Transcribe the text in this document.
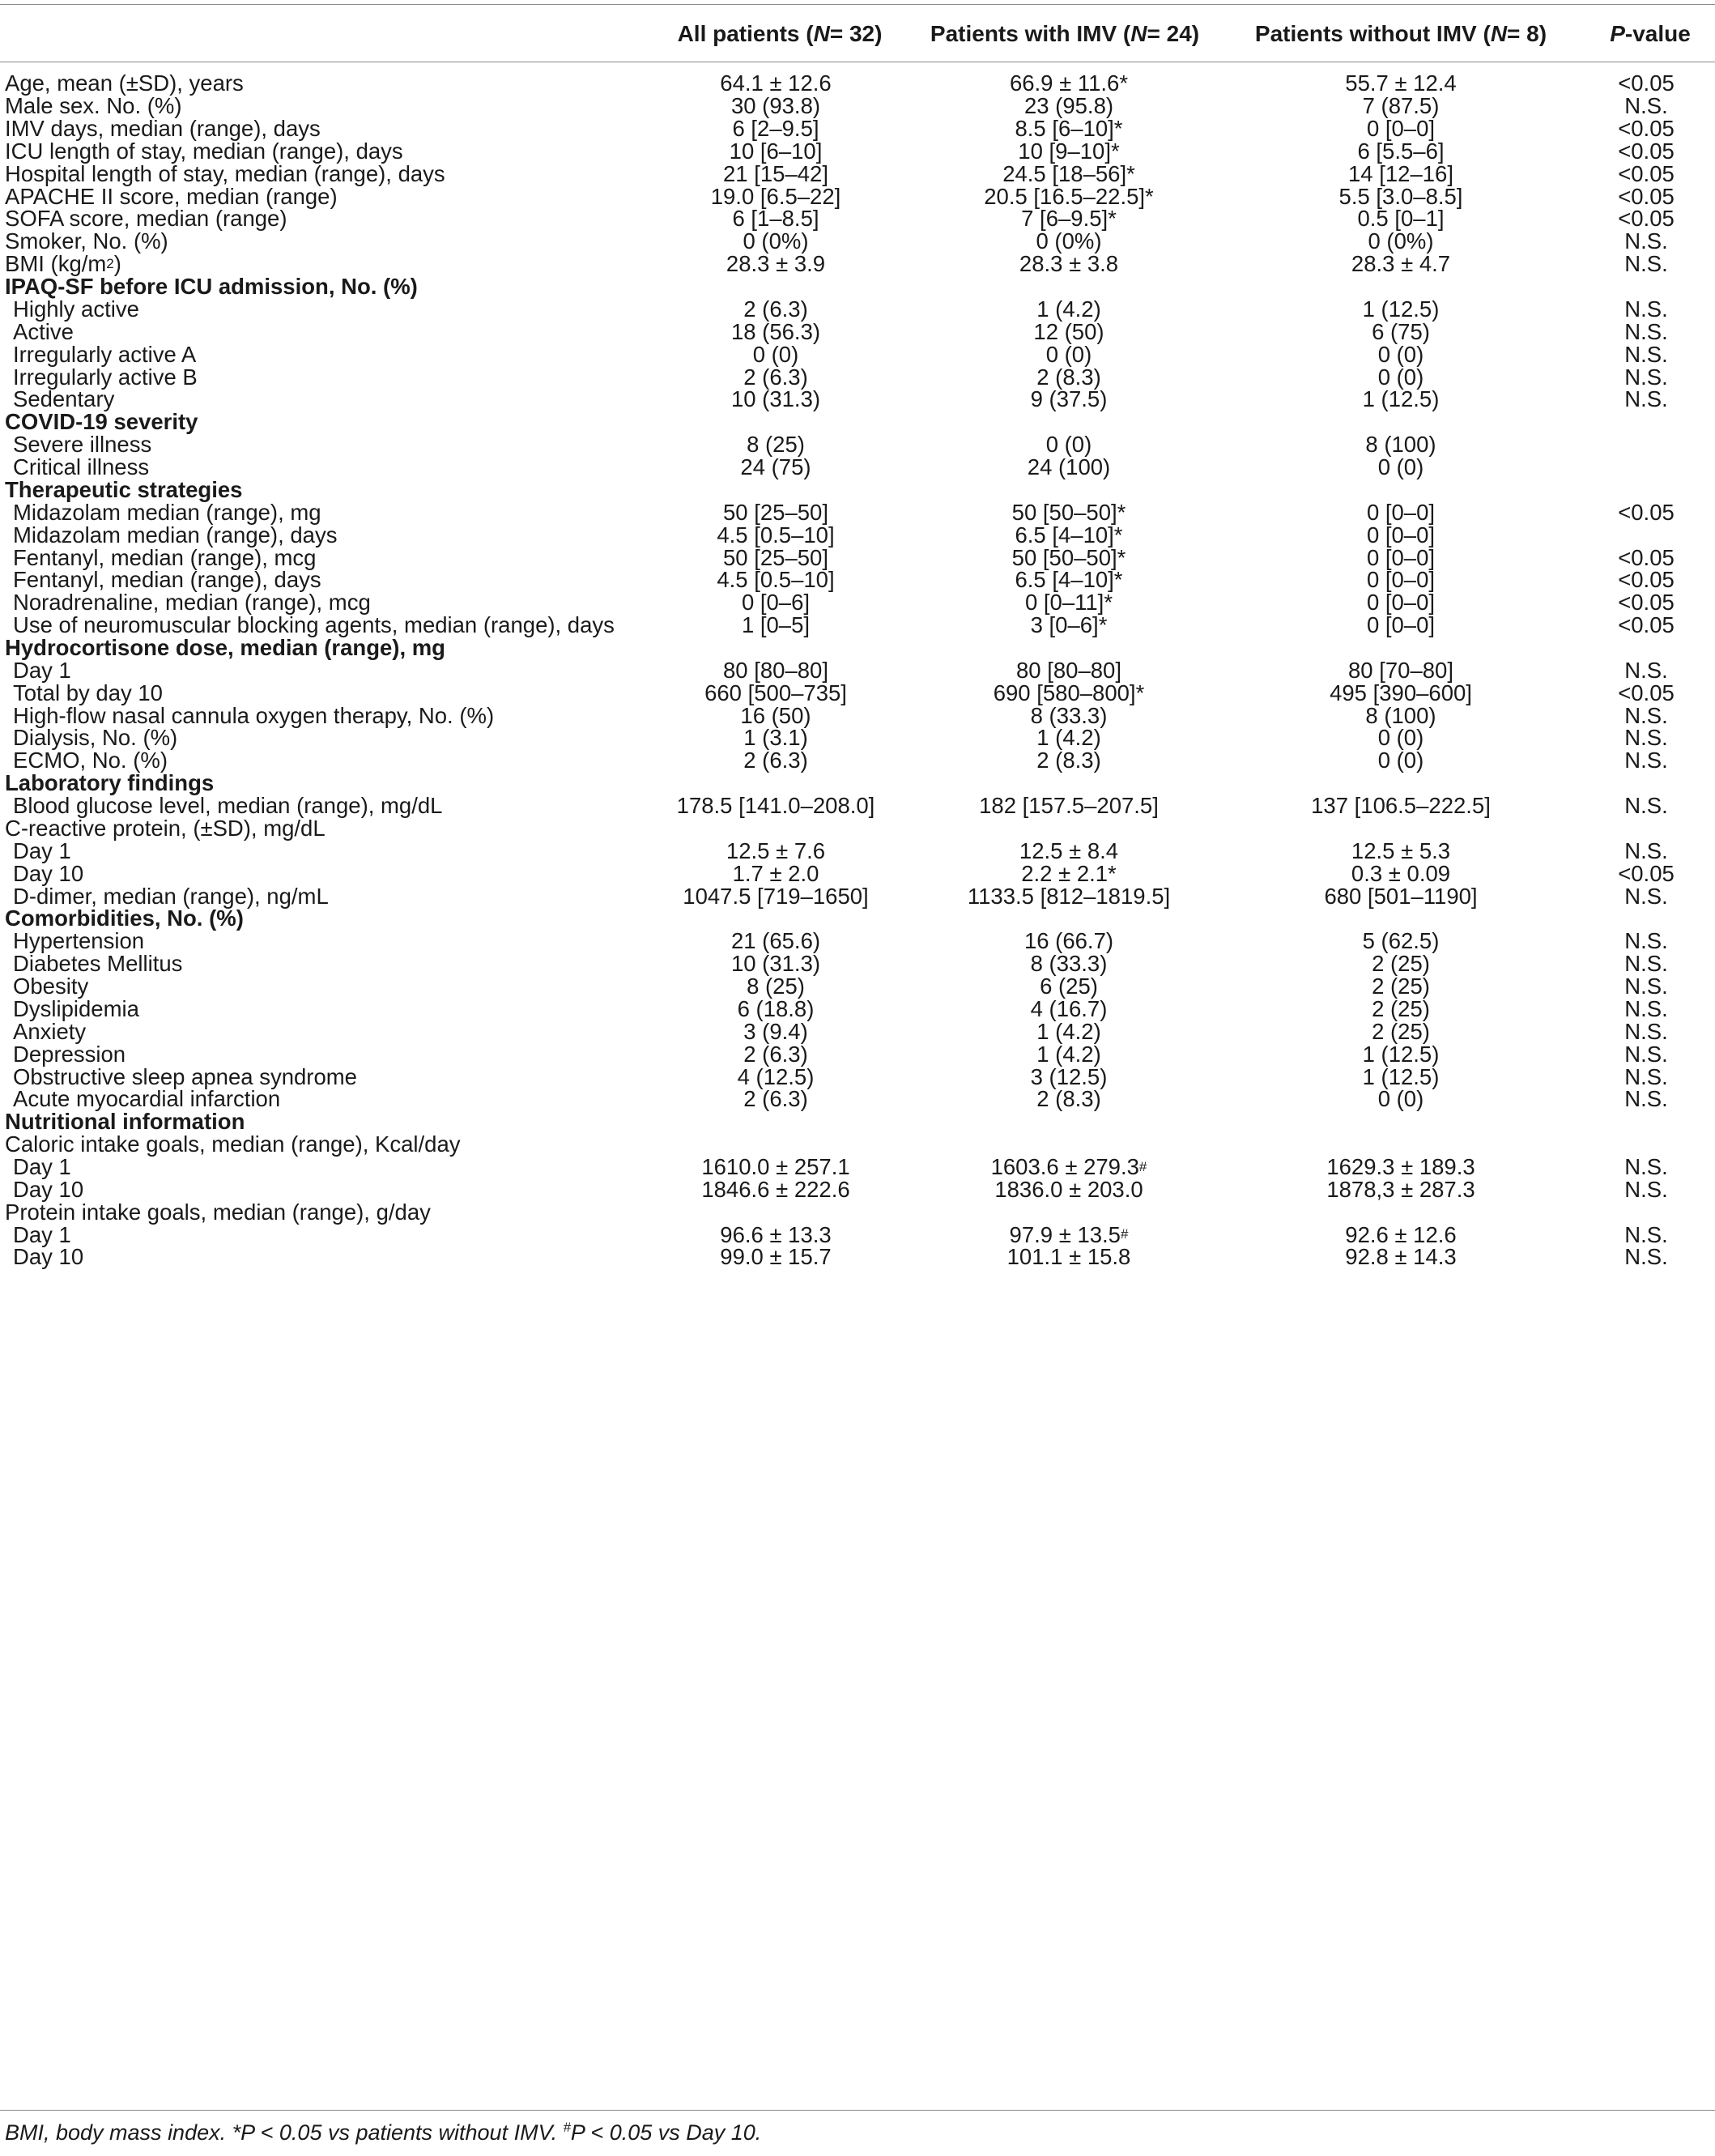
All patients ( N = 32)	Patients with IMV ( N = 24)	Patients without IMV ( N = 8)	P -value
Age, mean (±SD), years	64.1 ± 12.6	66.9 ± 11.6*	55.7 ± 12.4	<0.05
Male sex. No. (%)	30 (93.8)	23 (95.8)	7 (87.5)	N.S.
IMV days, median (range), days	6 [2–9.5]	8.5 [6–10]*	0 [0–0]	<0.05
ICU length of stay, median (range), days	10 [6–10]	10 [9–10]*	6 [5.5–6]	<0.05
Hospital length of stay, median (range), days	21 [15–42]	24.5 [18–56]*	14 [12–16]	<0.05
APACHE II score, median (range)	19.0 [6.5–22]	20.5 [16.5–22.5]*	5.5 [3.0–8.5]	<0.05
SOFA score, median (range)	6 [1–8.5]	7 [6–9.5]*	0.5 [0–1]	<0.05
Smoker, No. (%)	0 (0%)	0 (0%)	0 (0%)	N.S.
BMI (kg/m 2 )	28.3 ± 3.9	28.3 ± 3.8	28.3 ± 4.7	N.S.
IPAQ-SF before ICU admission, No. (%)
Highly active	2 (6.3)	1 (4.2)	1 (12.5)	N.S.
Active	18 (56.3)	12 (50)	6 (75)	N.S.
Irregularly active A	0 (0)	0 (0)	0 (0)	N.S.
Irregularly active B	2 (6.3)	2 (8.3)	0 (0)	N.S.
Sedentary	10 (31.3)	9 (37.5)	1 (12.5)	N.S.
COVID-19 severity
Severe illness	8 (25)	0 (0)	8 (100)
Critical illness	24 (75)	24 (100)	0 (0)
Therapeutic strategies
Midazolam median (range), mg	50 [25–50]	50 [50–50]*	0 [0–0]	<0.05
Midazolam median (range), days	4.5 [0.5–10]	6.5 [4–10]*	0 [0–0]
Fentanyl, median (range), mcg	50 [25–50]	50 [50–50]*	0 [0–0]	<0.05
Fentanyl, median (range), days	4.5 [0.5–10]	6.5 [4–10]*	0 [0–0]	<0.05
Noradrenaline, median (range), mcg	0 [0–6]	0 [0–11]*	0 [0–0]	<0.05
Use of neuromuscular blocking agents, median (range), days	1 [0–5]	3 [0–6]*	0 [0–0]	<0.05
Hydrocortisone dose, median (range), mg
Day 1	80 [80–80]	80 [80–80]	80 [70–80]	N.S.
Total by day 10	660 [500–735]	690 [580–800]*	495 [390–600]	<0.05
High-flow nasal cannula oxygen therapy, No. (%)	16 (50)	8 (33.3)	8 (100)	N.S.
Dialysis, No. (%)	1 (3.1)	1 (4.2)	0 (0)	N.S.
ECMO, No. (%)	2 (6.3)	2 (8.3)	0 (0)	N.S.
Laboratory findings
Blood glucose level, median (range), mg/dL	178.5 [141.0–208.0]	182 [157.5–207.5]	137 [106.5–222.5]	N.S.
C-reactive protein, (±SD), mg/dL
Day 1	12.5 ± 7.6	12.5 ± 8.4	12.5 ± 5.3	N.S.
Day 10	1.7 ± 2.0	2.2 ± 2.1*	0.3 ± 0.09	<0.05
D-dimer, median (range), ng/mL	1047.5 [719–1650]	1133.5 [812–1819.5]	680 [501–1190]	N.S.
Comorbidities, No. (%)
Hypertension	21 (65.6)	16 (66.7)	5 (62.5)	N.S.
Diabetes Mellitus	10 (31.3)	8 (33.3)	2 (25)	N.S.
Obesity	8 (25)	6 (25)	2 (25)	N.S.
Dyslipidemia	6 (18.8)	4 (16.7)	2 (25)	N.S.
Anxiety	3 (9.4)	1 (4.2)	2 (25)	N.S.
Depression	2 (6.3)	1 (4.2)	1 (12.5)	N.S.
Obstructive sleep apnea syndrome	4 (12.5)	3 (12.5)	1 (12.5)	N.S.
Acute myocardial infarction	2 (6.3)	2 (8.3)	0 (0)	N.S.
Nutritional information
Caloric intake goals, median (range), Kcal/day
Day 1	1610.0 ± 257.1	1603.6 ± 279.3 #	1629.3 ± 189.3	N.S.
Day 10	1846.6 ± 222.6	1836.0 ± 203.0	1878,3 ± 287.3	N.S.
Protein intake goals, median (range), g/day
Day 1	96.6 ± 13.3	97.9 ± 13.5 #	92.6 ± 12.6	N.S.
Day 10	99.0 ± 15.7	101.1 ± 15.8	92.8 ± 14.3	N.S.
BMI, body mass index. *P < 0.05 vs patients without IMV. #P < 0.05 vs Day 10.
